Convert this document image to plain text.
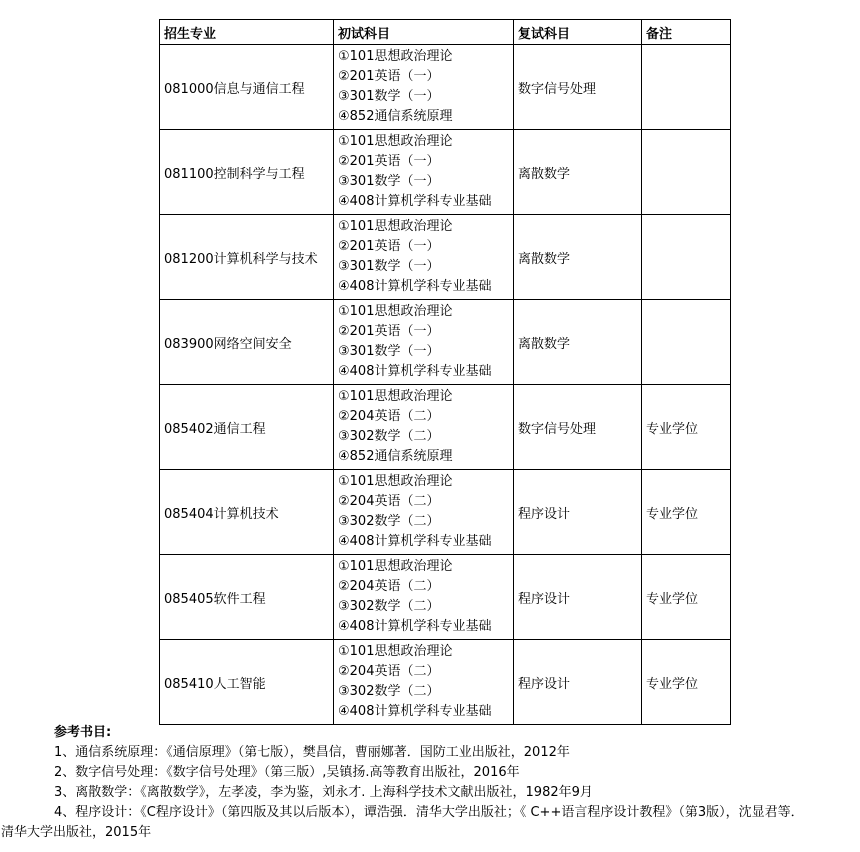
招生专业	初试科目	复试科目	备注
081000信息与通信工程	①101思想政治理论
②201英语（一）
③301数学（一）
④852通信系统原理	数字信号处理	
081100控制科学与工程	①101思想政治理论
②201英语（一）
③301数学（一）
④408计算机学科专业基础	离散数学	
081200计算机科学与技术	①101思想政治理论
②201英语（一）
③301数学（一）
④408计算机学科专业基础	离散数学	
083900网络空间安全	①101思想政治理论
②201英语（一）
③301数学（一）
④408计算机学科专业基础	离散数学	
085402通信工程	①101思想政治理论
②204英语（二）
③302数学（二）
④852通信系统原理	数字信号处理	专业学位
085404计算机技术	①101思想政治理论
②204英语（二）
③302数学（二）
④408计算机学科专业基础	程序设计	专业学位
085405软件工程	①101思想政治理论
②204英语（二）
③302数学（二）
④408计算机学科专业基础	程序设计	专业学位
085410人工智能	①101思想政治理论
②204英语（二）
③302数学（二）
④408计算机学科专业基础	程序设计	专业学位
参考书目:
1、通信系统原理：《通信原理》（第七版），樊昌信，曹丽娜著．国防工业出版社，2012年
2、数字信号处理：《数字信号处理》（第三版）,吴镇扬.高等教育出版社，2016年
3、离散数学：《离散数学》，左孝凌，李为鉴，刘永才. 上海科学技术文献出版社，1982年9月
4、程序设计：《C程序设计》（第四版及其以后版本），谭浩强．清华大学出版社；《 C++语言程序设计教程》（第3版），沈显君等．
清华大学出版社，2015年
